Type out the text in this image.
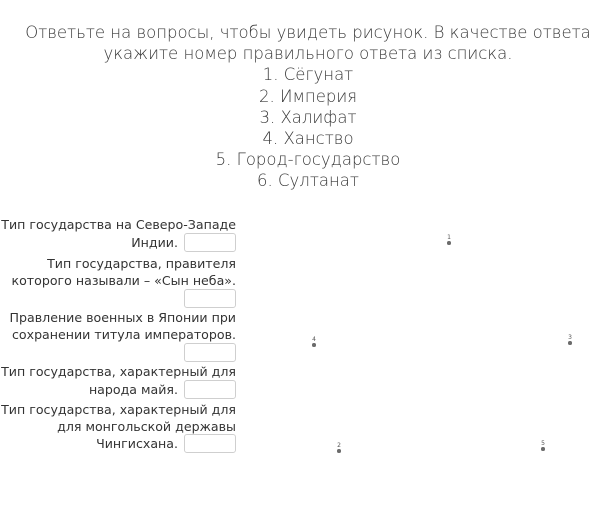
Ответьте на вопросы, чтобы увидеть рисунок. В качестве ответа
укажите номер правильного ответа из списка.
1. Сёгунат
2. Империя
3. Халифат
4. Ханство
5. Город-государство
6. Султанат
Тип государства на Северо-Западе
Индии.
Тип государства, правителя
которого называли – «Сын неба».
Правление военных в Японии при
сохранении титула императоров.
Тип государства, характерный для
народа майя.
Тип государства, характерный для
для монгольской державы
Чингисхана.
1
4	3
2	5
